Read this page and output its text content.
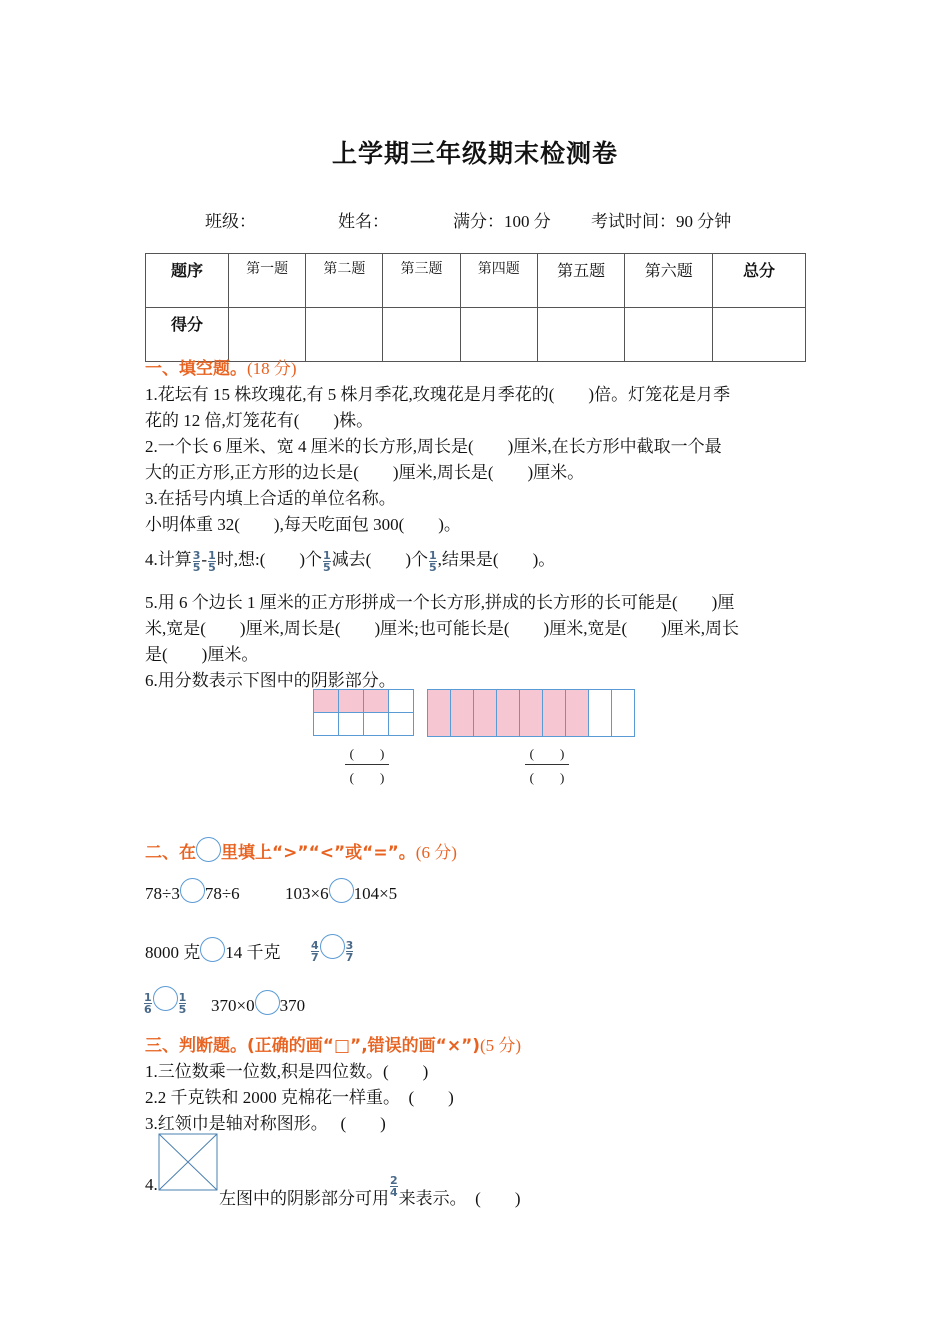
上学期三年级期末检测卷
班级：	姓名：	满分：100 分 考试时间：90 分钟
题序	第一题	第二题	第三题	第四题	第五题	第六题	总分
得分							
一、填空题。(18 分)
1.花坛有 15 株玫瑰花,有 5 株月季花,玫瑰花是月季花的(　　)倍。灯笼花是月季
花的 12 倍,灯笼花有(　　)株。
2.一个长 6 厘米、宽 4 厘米的长方形,周长是(　　)厘米,在长方形中截取一个最
大的正方形,正方形的边长是(　　)厘米,周长是(　　)厘米。
3.在括号内填上合适的单位名称。
小明体重 32(　　),每天吃面包 300(　　)。
4.计算 $\frac{3}{5} - \frac{1}{5}$ 时,想:(　　)个 $\frac{1}{5}$ 减去(　　)个 $\frac{1}{5}$ ,结果是(　　)。
5.用 6 个边长 1 厘米的正方形拼成一个长方形,拼成的长方形的长可能是(　　)厘
米,宽是(　　)厘米,周长是(　　)厘米;也可能长是(　　)厘米,宽是(　　)厘米,周长
是(　　)厘米。
6.用分数表示下图中的阴影部分。

(　　)
(　　)
(　　)
(　　)
二、在 里填上“>”“<”或“=”。(6 分)
78÷3 78÷6	103×6 104×5
8000 克 14 千克	$\frac{4}{7} \frac{3}{7}$
$\frac{1}{6} \frac{1}{5} 370\times 0$ 370
三、判断题。(正确的画“□”,错误的画“×”)(5 分)
1.三位数乘一位数,积是四位数。(　　)
2.2 千克铁和 2000 克棉花一样重。　(　　)
3.红领巾是轴对称图形。　 (　　)
4.
左图中的阴影部分可用
$\frac{2}{4}$
来表示。　(　　)
